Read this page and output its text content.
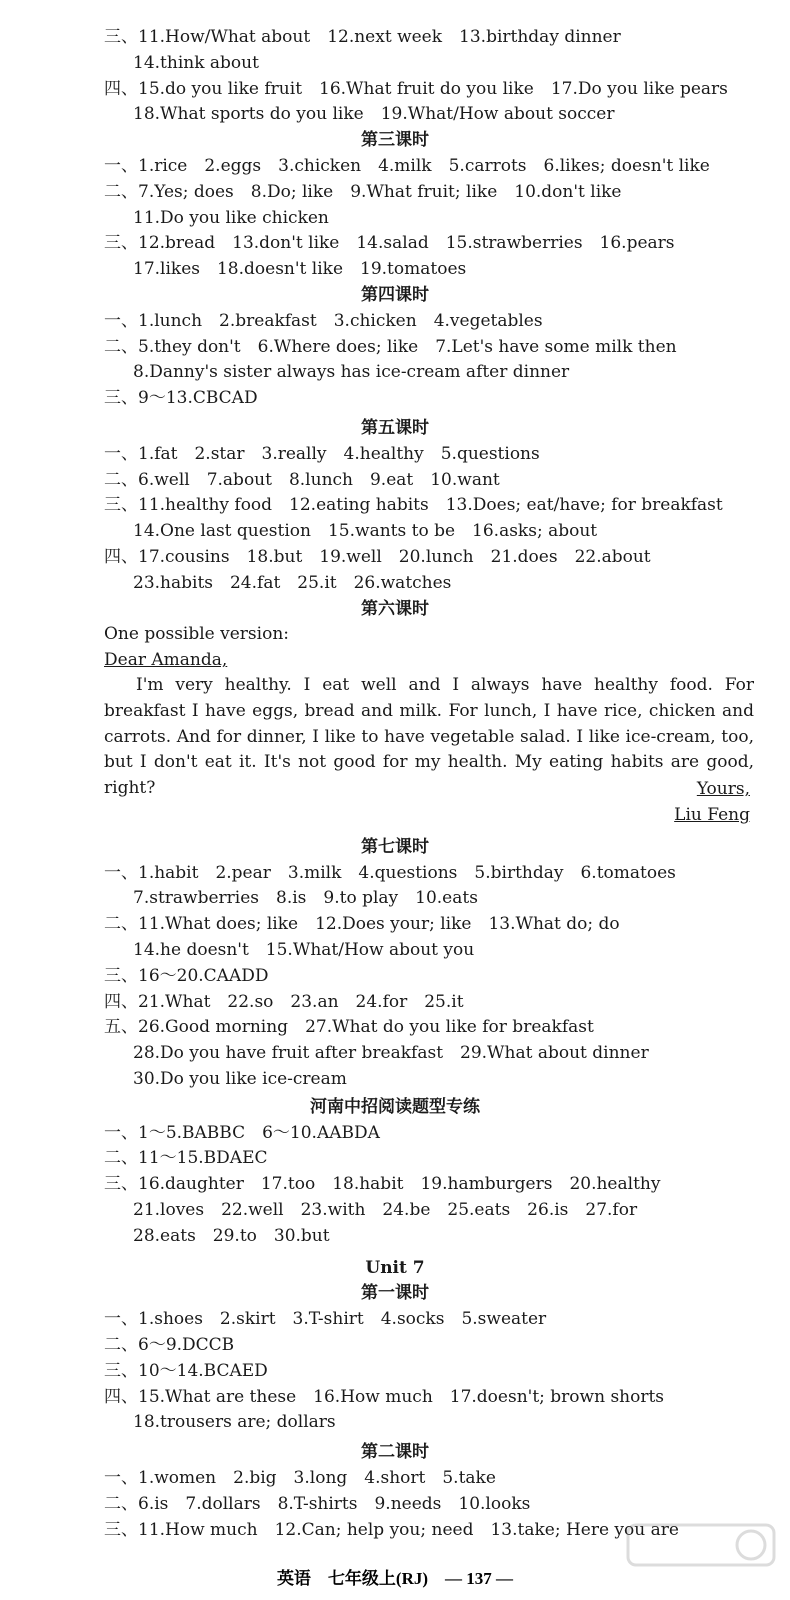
三、11.How/What about　12.next week　13.birthday dinner
14.think about
四、15.do you like fruit　16.What fruit do you like　17.Do you like pears
18.What sports do you like　19.What/How about soccer
第三课时
一、1.rice　2.eggs　3.chicken　4.milk　5.carrots　6.likes; doesn't like
二、7.Yes; does　8.Do; like　9.What fruit; like　10.don't like
11.Do you like chicken
三、12.bread　13.don't like　14.salad　15.strawberries　16.pears
17.likes　18.doesn't like　19.tomatoes
第四课时
一、1.lunch　2.breakfast　3.chicken　4.vegetables
二、5.they don't　6.Where does; like　7.Let's have some milk then
8.Danny's sister always has ice-cream after dinner
三、9～13.CBCAD
第五课时
一、1.fat　2.star　3.really　4.healthy　5.questions
二、6.well　7.about　8.lunch　9.eat　10.want
三、11.healthy food　12.eating habits　13.Does; eat/have; for breakfast
14.One last question　15.wants to be　16.asks; about
四、17.cousins　18.but　19.well　20.lunch　21.does　22.about
23.habits　24.fat　25.it　26.watches
第六课时
One possible version:
Dear Amanda,
I'm very healthy. I eat well and I always have healthy food. For breakfast I have eggs, bread and milk. For lunch, I have rice, chicken and carrots. And for dinner, I like to have vegetable salad. I like ice-cream, too, but I don't eat it. It's not good for my health. My eating habits are good, right?	Yours,
Liu Feng
第七课时
一、1.habit　2.pear　3.milk　4.questions　5.birthday　6.tomatoes
7.strawberries　8.is　9.to play　10.eats
二、11.What does; like　12.Does your; like　13.What do; do
14.he doesn't　15.What/How about you
三、16～20.CAADD
四、21.What　22.so　23.an　24.for　25.it
五、26.Good morning　27.What do you like for breakfast
28.Do you have fruit after breakfast　29.What about dinner
30.Do you like ice-cream
河南中招阅读题型专练
一、1～5.BABBC　6～10.AABDA
二、11～15.BDAEC
三、16.daughter　17.too　18.habit　19.hamburgers　20.healthy
21.loves　22.well　23.with　24.be　25.eats　26.is　27.for
28.eats　29.to　30.but
Unit 7
第一课时
一、1.shoes　2.skirt　3.T-shirt　4.socks　5.sweater
二、6～9.DCCB
三、10～14.BCAED
四、15.What are these　16.How much　17.doesn't; brown shorts
18.trousers are; dollars
第二课时
一、1.women　2.big　3.long　4.short　5.take
二、6.is　7.dollars　8.T-shirts　9.needs　10.looks
三、11.How much　12.Can; help you; need　13.take; Here you are
英语　七年级上(RJ)　— 137 —
